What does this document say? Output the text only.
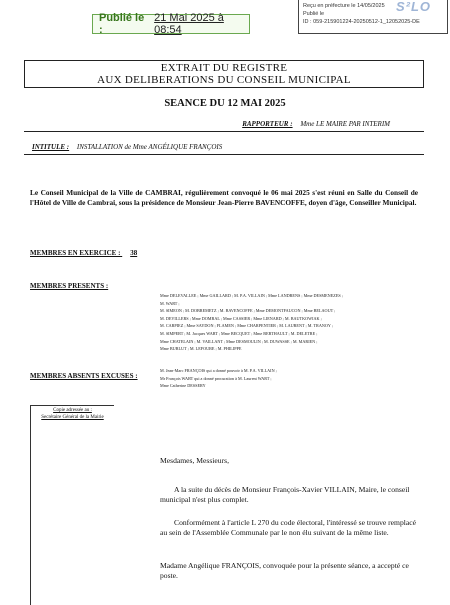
Publié le :
21 Mai 2025 à 08:54
Reçu en préfecture le 14/05/2025
Publié le
ID : 059-215901224-20250512-1_12052025-DE
S²LO
EXTRAIT DU REGISTRE
AUX DELIBERATIONS DU CONSEIL MUNICIPAL
SEANCE DU 12 MAI 2025
RAPPORTEUR : Mme LE MAIRE PAR INTERIM
INTITULE : INSTALLATION de Mme ANGÉLIQUE FRANÇOIS
Le Conseil Municipal de la Ville de CAMBRAI, régulièrement convoqué le 06 mai 2025 s'est réuni en Salle du Conseil de l'Hôtel de Ville de Cambrai, sous la présidence de Monsieur Jean-Pierre BAVENCOFFE, doyen d'âge, Conseiller Municipal.
MEMBRES EN EXERCICE : 38
MEMBRES PRESENTS :
Mme DELEVALLEE ; Mme GAILLARD ; M. P.A. VILLAIN ; Mme LANDRENS ; Mme DESMENEZES ;
M. WART ;
M. SIMEON ; M. DOBREMETZ ; M. BAVENCOFFE ; Mme DEMONTFAUCON ; Mme BELAOUT ;
M. DEVILLERS ; Mme DOMBAL ; Mme CASSIER ; Mme LIENARD ; M. BAUTKOWIAK ;
M. CARPIEZ ; Mme SAYDON ; FLAMEN ; Mme CHARPENTIER ; M. LAURENT ; M. TRANOY ;
M. SIMPERT ; M. Jacques WART ; Mme BECQUET ; Mme BERTHAULT ; M. DELETRE ;
Mme CHATELAIN ; M. VAILLANT ; Mme DESMOULIN ; M. DUWASSE ; M. MARIEN ;
Mme BURLUT ; M. LEFOURE ; M. PHILIPPE
MEMBRES ABSENTS EXCUSES :
M. Jean-Marc FRANÇOIS qui a donné pouvoir à M. P.A. VILLAIN ;
Mr François WART qui a donné procuration à M. Laurent WART ;
Mme Catherine DESSERY
Copie adressée au :
Secrétaire Général de la Mairie
Mesdames, Messieurs,

A la suite du décès de Monsieur François-Xavier VILLAIN, Maire, le conseil municipal n'est plus complet.

Conformément à l'article L 270 du code électoral, l'intéressé se trouve remplacé au sein de l'Assemblée Communale par le non élu suivant de la même liste.

Madame Angélique FRANÇOIS, convoquée pour la présente séance, a accepté ce poste.
